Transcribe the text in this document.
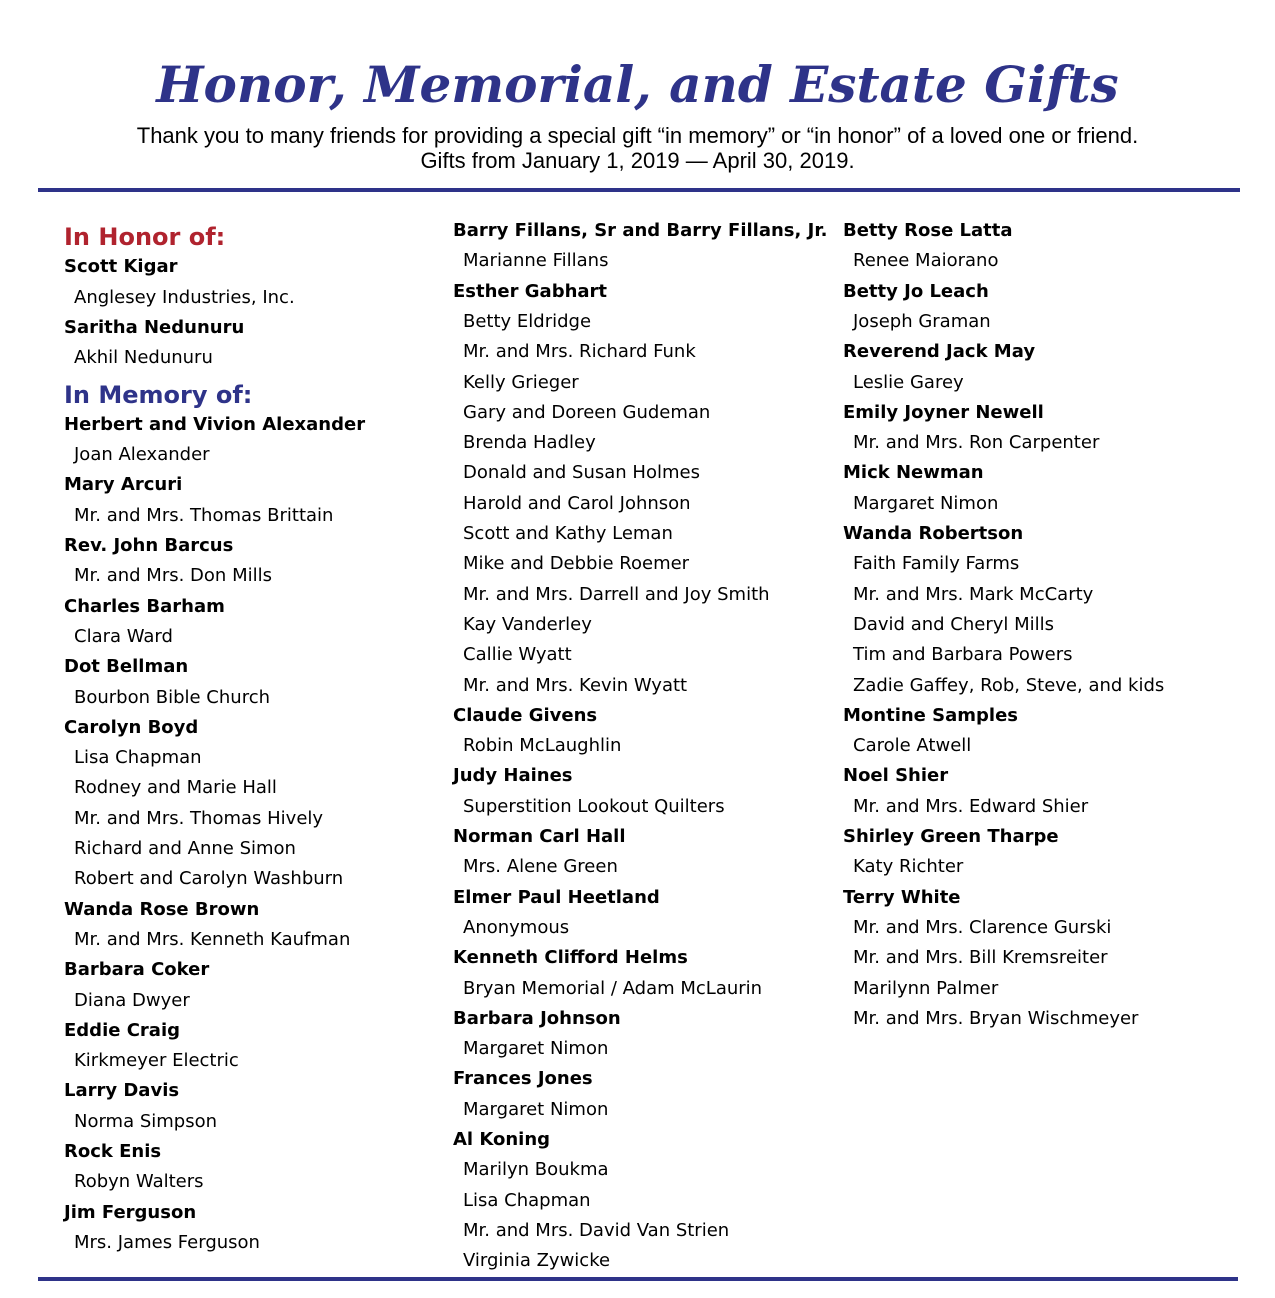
Honor, Memorial, and Estate Gifts
Thank you to many friends for providing a special gift “in memory” or “in honor” of a loved one or friend.
Gifts from January 1, 2019 — April 30, 2019.
In Honor of:
Scott Kigar
Anglesey Industries, Inc.
Saritha Nedunuru
Akhil Nedunuru
In Memory of:
Herbert and Vivion Alexander
Joan Alexander
Mary Arcuri
Mr. and Mrs. Thomas Brittain
Rev. John Barcus
Mr. and Mrs. Don Mills
Charles Barham
Clara Ward
Dot Bellman
Bourbon Bible Church
Carolyn Boyd
Lisa Chapman
Rodney and Marie Hall
Mr. and Mrs. Thomas Hively
Richard and Anne Simon
Robert and Carolyn Washburn
Wanda Rose Brown
Mr. and Mrs. Kenneth Kaufman
Barbara Coker
Diana Dwyer
Eddie Craig
Kirkmeyer Electric
Larry Davis
Norma Simpson
Rock Enis
Robyn Walters
Jim Ferguson
Mrs. James Ferguson
Barry Fillans, Sr and Barry Fillans, Jr.
Marianne Fillans
Esther Gabhart
Betty Eldridge
Mr. and Mrs. Richard Funk
Kelly Grieger
Gary and Doreen Gudeman
Brenda Hadley
Donald and Susan Holmes
Harold and Carol Johnson
Scott and Kathy Leman
Mike and Debbie Roemer
Mr. and Mrs. Darrell and Joy Smith
Kay Vanderley
Callie Wyatt
Mr. and Mrs. Kevin Wyatt
Claude Givens
Robin McLaughlin
Judy Haines
Superstition Lookout Quilters
Norman Carl Hall
Mrs. Alene Green
Elmer Paul Heetland
Anonymous
Kenneth Clifford Helms
Bryan Memorial / Adam McLaurin
Barbara Johnson
Margaret Nimon
Frances Jones
Margaret Nimon
Al Koning
Marilyn Boukma
Lisa Chapman
Mr. and Mrs. David Van Strien
Virginia Zywicke
Betty Rose Latta
Renee Maiorano
Betty Jo Leach
Joseph Graman
Reverend Jack May
Leslie Garey
Emily Joyner Newell
Mr. and Mrs. Ron Carpenter
Mick Newman
Margaret Nimon
Wanda Robertson
Faith Family Farms
Mr. and Mrs. Mark McCarty
David and Cheryl Mills
Tim and Barbara Powers
Zadie Gaffey, Rob, Steve, and kids
Montine Samples
Carole Atwell
Noel Shier
Mr. and Mrs. Edward Shier
Shirley Green Tharpe
Katy Richter
Terry White
Mr. and Mrs. Clarence Gurski
Mr. and Mrs. Bill Kremsreiter
Marilynn Palmer
Mr. and Mrs. Bryan Wischmeyer
